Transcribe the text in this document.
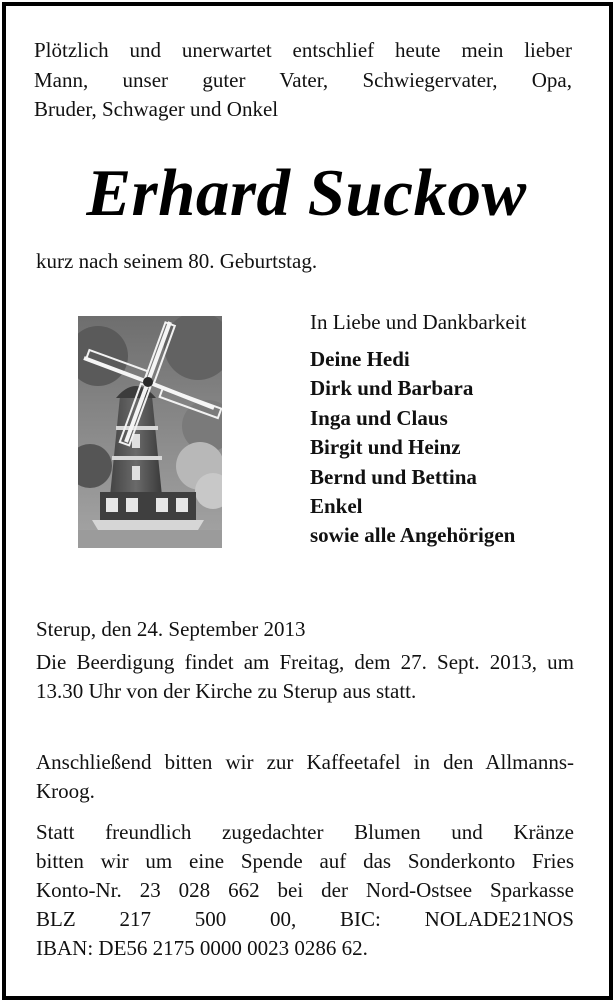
Plötzlich und unerwartet entschlief heute mein lieber
Mann, unser guter Vater, Schwiegervater, Opa,
Bruder, Schwager und Onkel
Erhard Suckow
kurz nach seinem 80. Geburtstag.
In Liebe und Dankbarkeit
Deine Hedi
Dirk und Barbara
Inga und Claus
Birgit und Heinz
Bernd und Bettina
Enkel
sowie alle Angehörigen
Sterup, den 24. September 2013

Die Beerdigung findet am Freitag, dem 27. Sept. 2013, um 13.30 Uhr von der Kirche zu Sterup aus statt.

Anschließend bitten wir zur Kaffeetafel in den Allmanns-Kroog.

Statt freundlich zugedachter Blumen und Kränze
bitten wir um eine Spende auf das Sonderkonto Fries
Konto-Nr. 23 028 662 bei der Nord-Ostsee Sparkasse
BLZ 217 500 00, BIC: NOLADE21NOS
IBAN: DE56 2175 0000 0023 0286 62.
